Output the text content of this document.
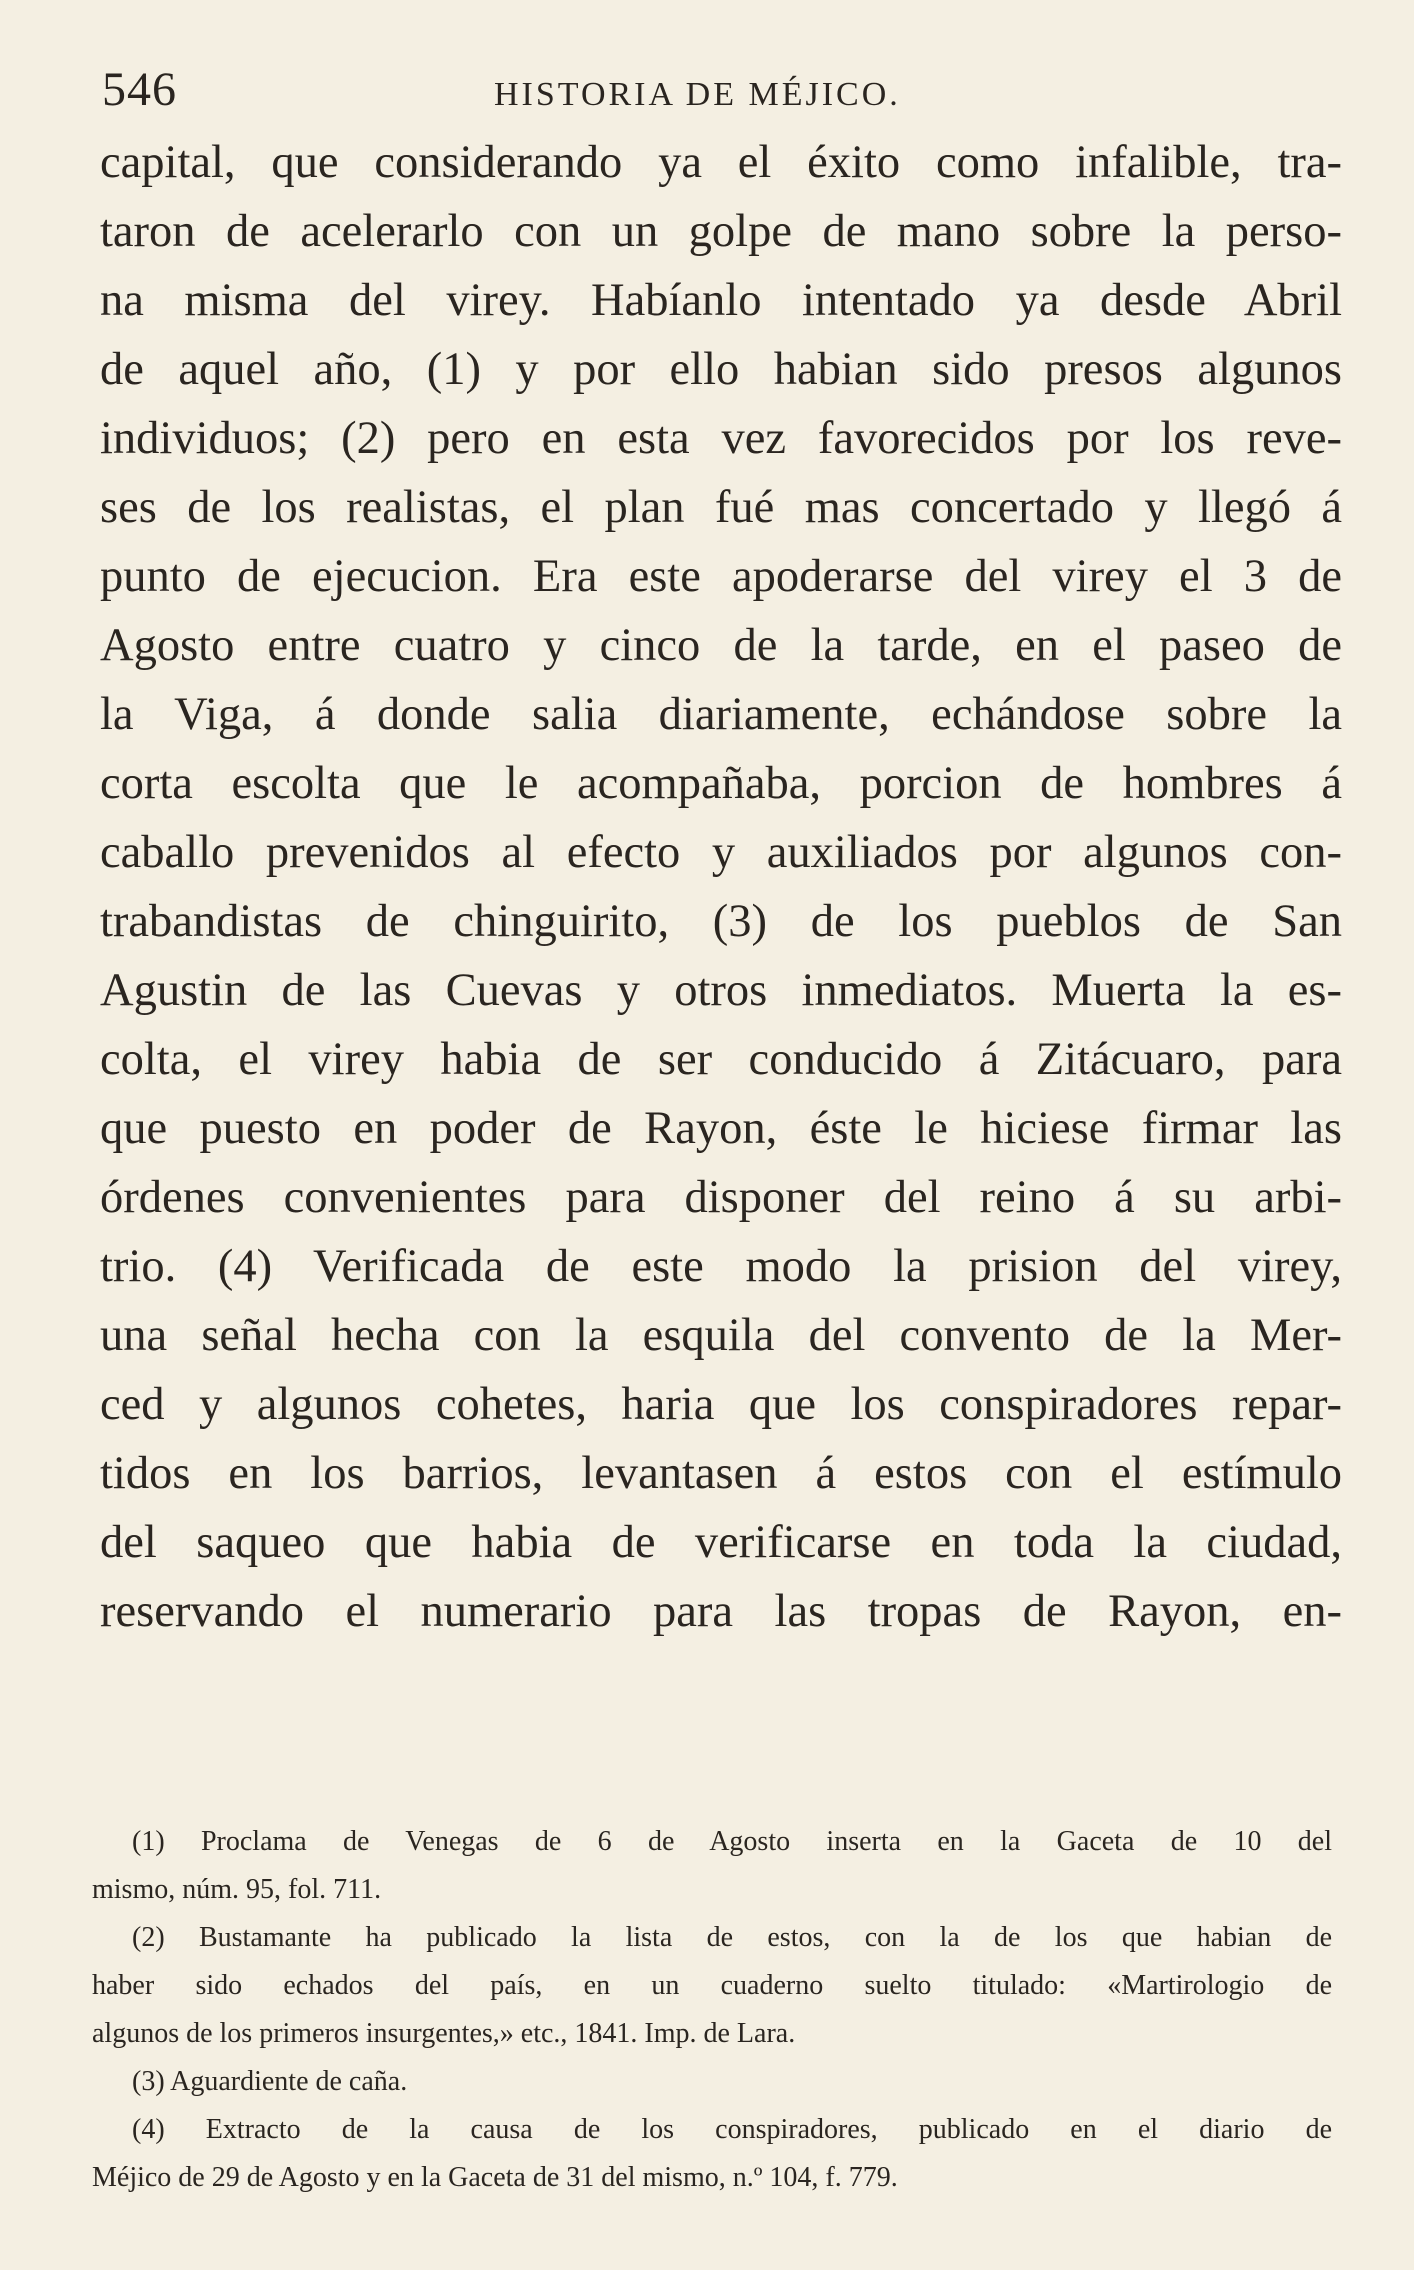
546	HISTORIA DE MÉJICO.
capital, que considerando ya el éxito como infalible, tra-
taron de acelerarlo con un golpe de mano sobre la perso-
na misma del virey. Habíanlo intentado ya desde Abril
de aquel año, (1) y por ello habian sido presos algunos
individuos; (2) pero en esta vez favorecidos por los reve-
ses de los realistas, el plan fué mas concertado y llegó á
punto de ejecucion. Era este apoderarse del virey el 3 de
Agosto entre cuatro y cinco de la tarde, en el paseo de
la Viga, á donde salia diariamente, echándose sobre la
corta escolta que le acompañaba, porcion de hombres á
caballo prevenidos al efecto y auxiliados por algunos con-
trabandistas de chinguirito, (3) de los pueblos de San
Agustin de las Cuevas y otros inmediatos. Muerta la es-
colta, el virey habia de ser conducido á Zitácuaro, para
que puesto en poder de Rayon, éste le hiciese firmar las
órdenes convenientes para disponer del reino á su arbi-
trio. (4) Verificada de este modo la prision del virey,
una señal hecha con la esquila del convento de la Mer-
ced y algunos cohetes, haria que los conspiradores repar-
tidos en los barrios, levantasen á estos con el estímulo
del saqueo que habia de verificarse en toda la ciudad,
reservando el numerario para las tropas de Rayon, en-
(1) Proclama de Venegas de 6 de Agosto inserta en la Gaceta de 10 del
mismo, núm. 95, fol. 711.
(2) Bustamante ha publicado la lista de estos, con la de los que habian de
haber sido echados del país, en un cuaderno suelto titulado: «Martirologio de
algunos de los primeros insurgentes,» etc., 1841. Imp. de Lara.
(3) Aguardiente de caña.
(4) Extracto de la causa de los conspiradores, publicado en el diario de
Méjico de 29 de Agosto y en la Gaceta de 31 del mismo, n.º 104, f. 779.
